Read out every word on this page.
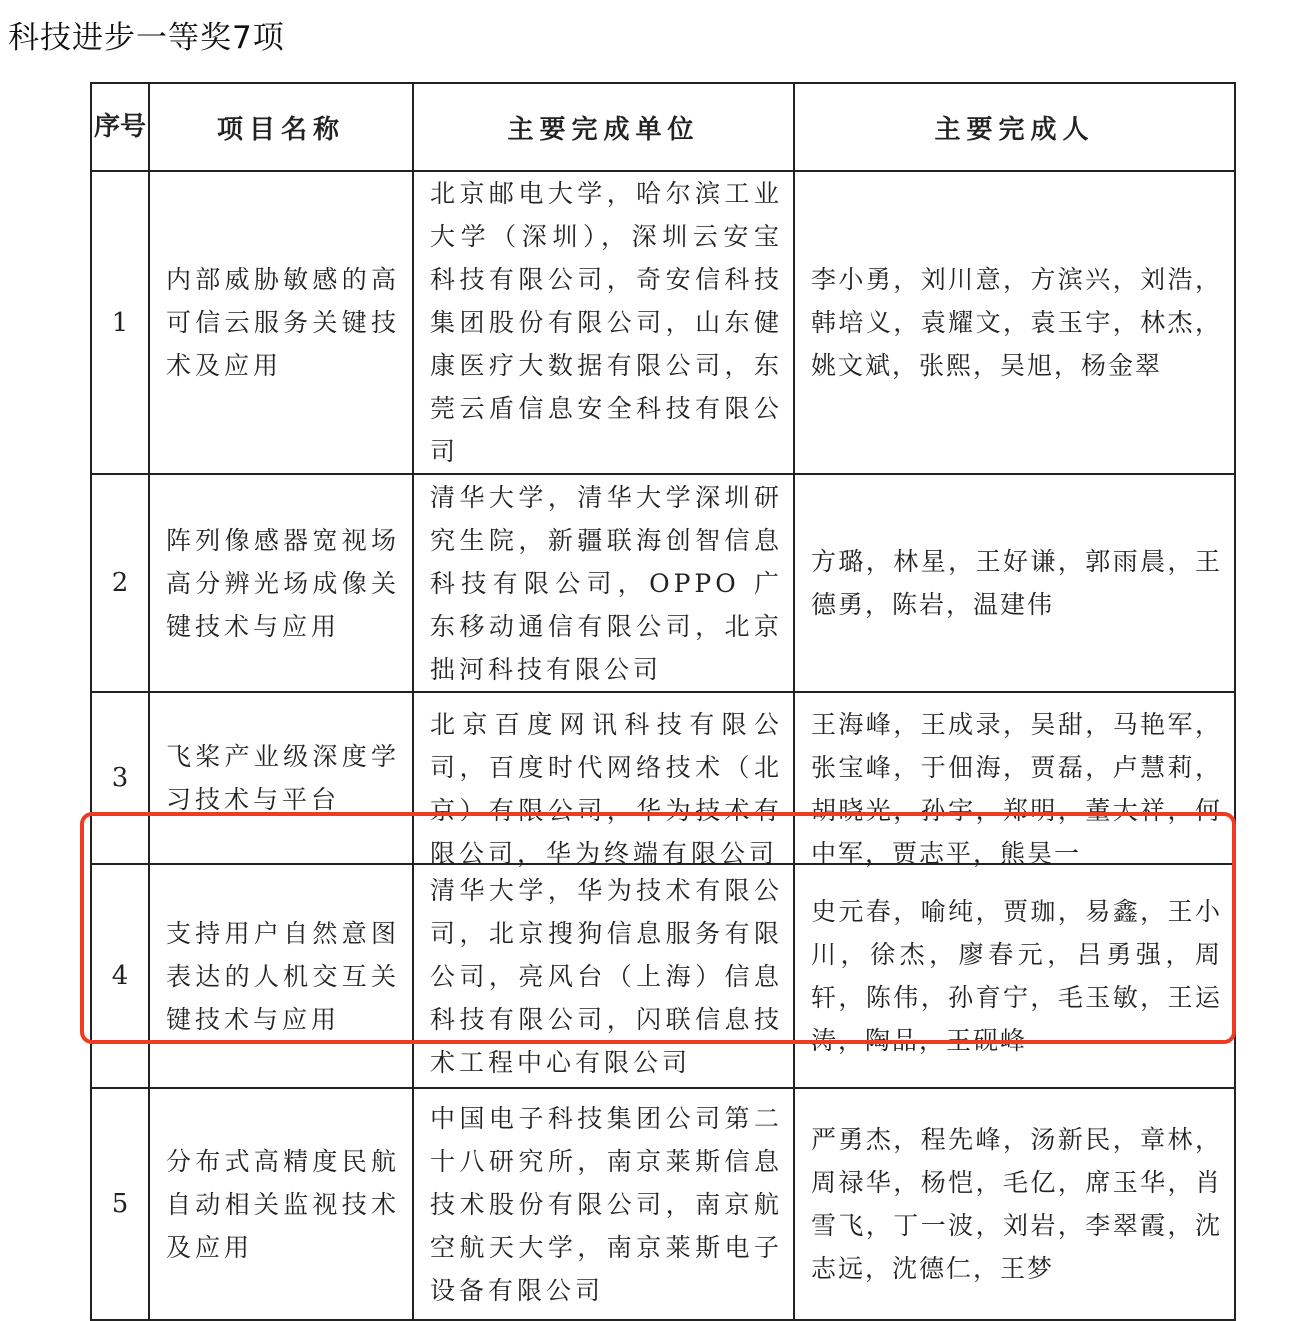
科技进步一等奖7项
序号	项目名称	主要完成单位	主要完成人
1	内部威胁敏感的高可信云服务关键技术及应用	北京邮电大学，哈尔滨工业大学（深圳），深圳云安宝科技有限公司，奇安信科技集团股份有限公司，山东健康医疗大数据有限公司，东莞云盾信息安全科技有限公司	李小勇，刘川意，方滨兴，刘浩，韩培义，袁耀文，袁玉宇，林杰，姚文斌，张熙，吴旭，杨金翠

2	阵列像感器宽视场高分辨光场成像关键技术与应用	清华大学，清华大学深圳研究生院，新疆联海创智信息科技有限公司，OPPO 广东移动通信有限公司，北京拙河科技有限公司	方璐，林星，王好谦，郭雨晨，王德勇，陈岩，温建伟

3	飞桨产业级深度学习技术与平台	北京百度网讯科技有限公司，百度时代网络技术（北京）有限公司，华为技术有限公司，华为终端有限公司	王海峰，王成录，吴甜，马艳军，张宝峰，于佃海，贾磊，卢慧莉，胡晓光，孙宇，郑明，董大祥，何中军，贾志平，熊昊一

4	支持用户自然意图表达的人机交互关键技术与应用	清华大学，华为技术有限公司，北京搜狗信息服务有限公司，亮风台（上海）信息科技有限公司，闪联信息技术工程中心有限公司	史元春，喻纯，贾珈，易鑫，王小川，徐杰，廖春元，吕勇强，周轩，陈伟，孙育宁，毛玉敏，王运涛，陶品，王砚峰

5	分布式高精度民航自动相关监视技术及应用	中国电子科技集团公司第二十八研究所，南京莱斯信息技术股份有限公司，南京航空航天大学，南京莱斯电子设备有限公司	严勇杰，程先峰，汤新民，章林，周禄华，杨恺，毛亿，席玉华，肖雪飞，丁一波，刘岩，李翠霞，沈志远，沈德仁，王梦
